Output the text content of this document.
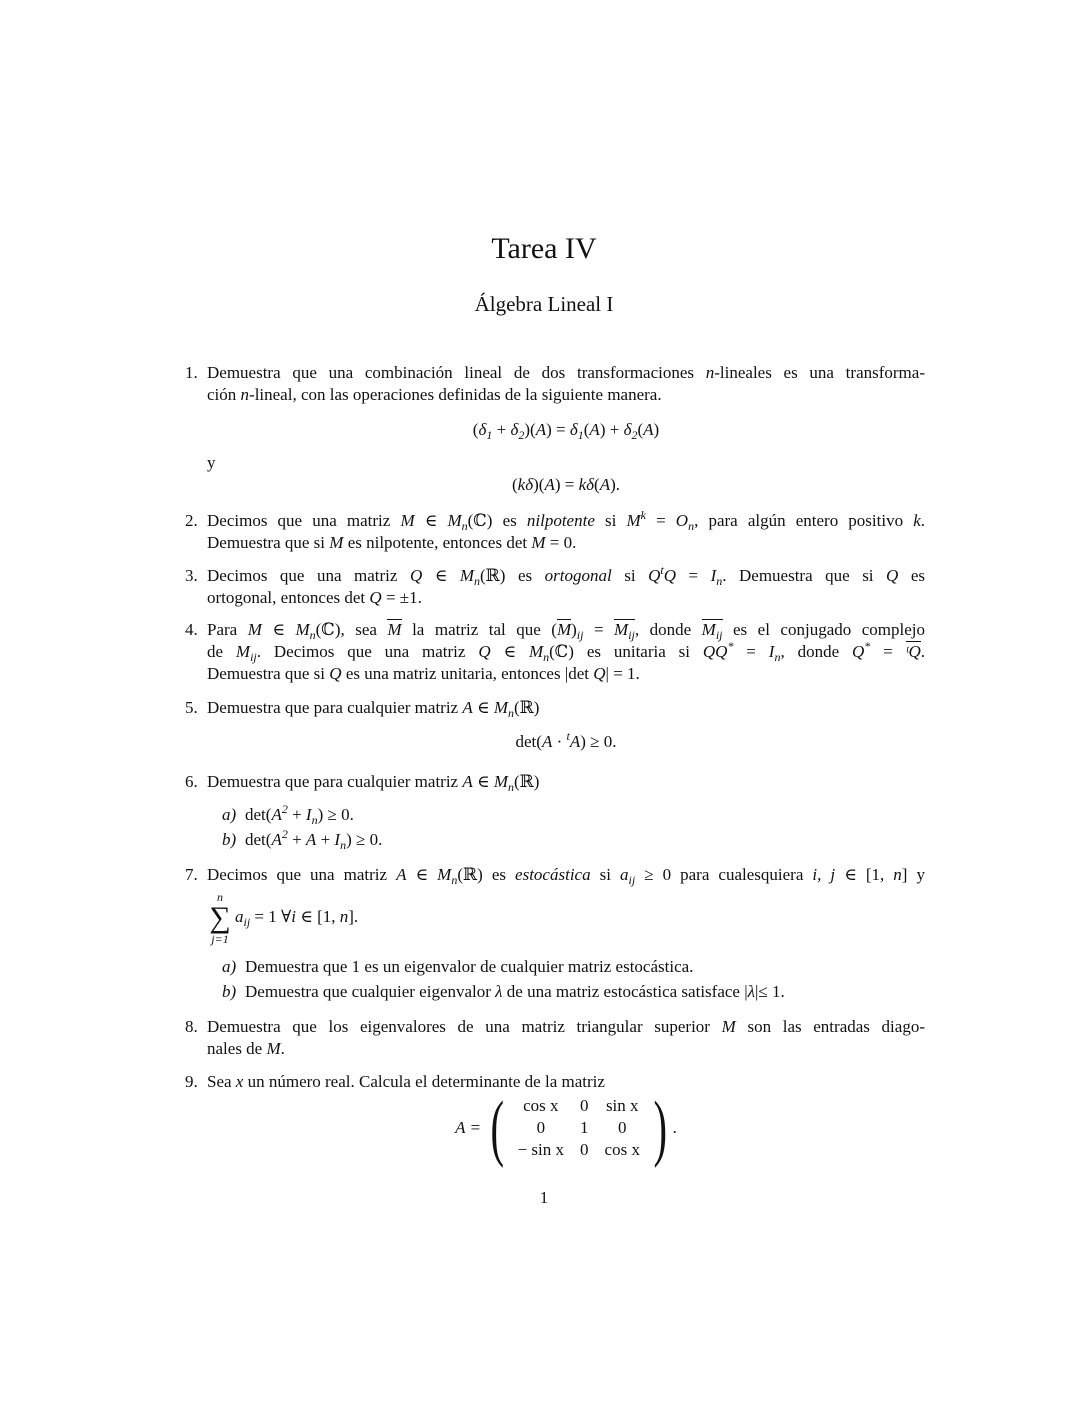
Tarea IV
Álgebra Lineal I
1. Demuestra que una combinación lineal de dos transformaciones n-lineales es una transforma-
ción n-lineal, con las operaciones definidas de la siguiente manera.
$(\delta_1 + \delta_2)(A) = \delta_1(A) + \delta_2(A)$
y
(kδ)(A) = kδ(A).
2. Decimos que una matriz M ∈ $M_n(ℂ)$ es nilpotente si $M^k = O_n$, para algún entero positivo k.
Demuestra que si M es nilpotente, entonces det M = 0.
3. Decimos que una matriz Q ∈ $M_n(ℝ)$ es ortogonal si $Q^tQ = I_n$. Demuestra que si Q es
ortogonal, entonces det Q = ±1.
4. Para M ∈ $M_n(ℂ)$, sea M la matriz tal que $(M)_{ij} = M_{ij}$, donde $M_{ij}$ es el conjugado complejo
de $M_{ij}$. Decimos que una matriz Q ∈ $M_n(ℂ)$ es unitaria si $QQ^* = I_n$, donde Q* = ᵗQ.
Demuestra que si Q es una matriz unitaria, entonces |det Q| = 1.
5. Demuestra que para cualquier matriz A ∈ $M_n(ℝ)$
det(A · $^t$A) ≥ 0.
6. Demuestra que para cualquier matriz A ∈ $M_n(ℝ)$
a) $\det(A^2 + I_n) \ge 0$.
b) $\det(A^2 + A + I_n) \ge 0$.
7. Decimos que una matriz A ∈ $M_n(ℝ)$ es estocástica si $a_{ij} \ge 0$ para cualesquiera i, j ∈ [1, n] y
n
∑
j=1
$a_{ij} = 1$ ∀i ∈ [1, n].
a) Demuestra que 1 es un eigenvalor de cualquier matriz estocástica.
b) Demuestra que cualquier eigenvalor λ de una matriz estocástica satisface |λ|≤ 1.
8. Demuestra que los eigenvalores de una matriz triangular superior M son las entradas diago-
nales de M.
9. Sea x un número real. Calcula el determinante de la matriz
A = ( cos x	0	sin x
0	1	0
− sin x	0	cos x ) .
1
